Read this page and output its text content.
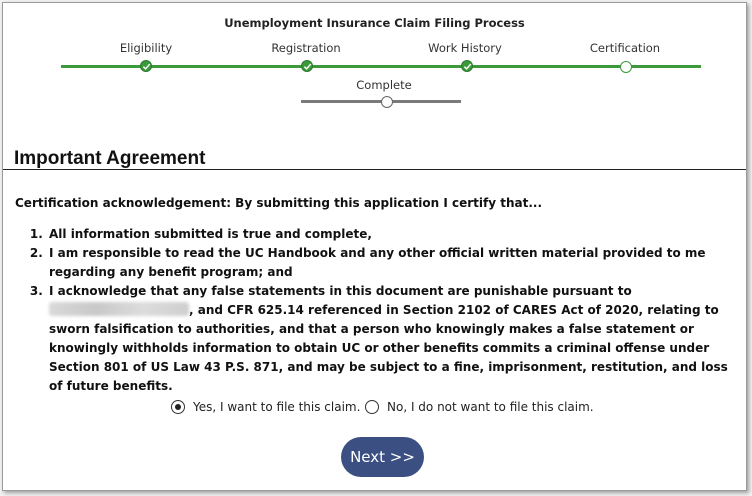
Unemployment Insurance Claim Filing Process
Eligibility	Registration	Work History	Certification
Complete
Important Agreement
Certification acknowledgement: By submitting this application I certify that...
1. All information submitted is true and complete,
2. I am responsible to read the UC Handbook and any other official written material provided to me regarding any benefit program; and
3. I acknowledge that any false statements in this document are punishable pursuant to , and CFR 625.14 referenced in Section 2102 of CARES Act of 2020, relating to sworn falsification to authorities, and that a person who knowingly makes a false statement or knowingly withholds information to obtain UC or other benefits commits a criminal offense under Section 801 of US Law 43 P.S. 871, and may be subject to a fine, imprisonment, restitution, and loss of future benefits.
Yes, I want to file this claim. No, I do not want to file this claim.
Next >>
